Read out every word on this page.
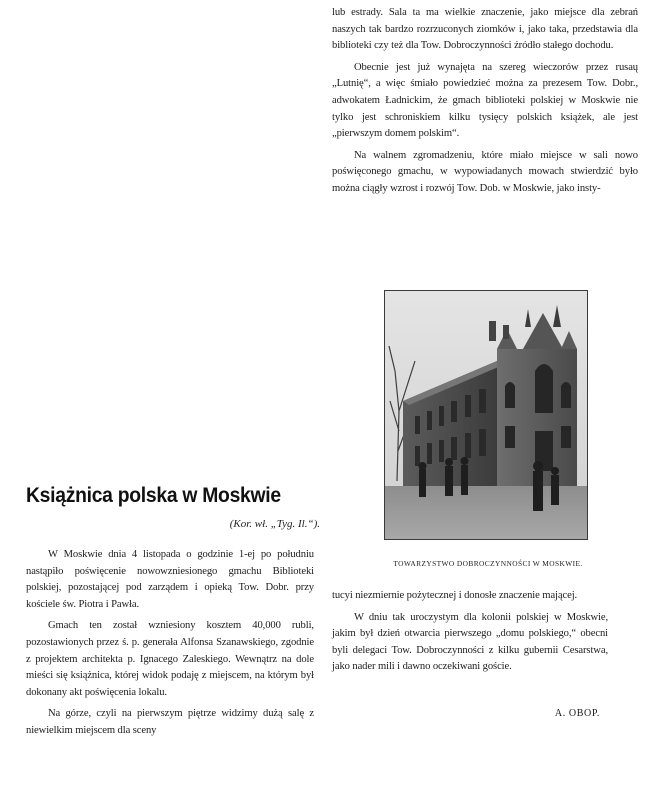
lub estrady. Sala ta ma wielkie znaczenie, jako miejsce dla zebrań naszych tak bardzo rozrzuconych ziomków i, jako taka, przedstawia dla biblioteki czy też dla Tow. Dobroczynności źródło stałego dochodu.

Obecnie jest już wynajęta na szereg wieczorów przez rusaų „Lutnię“, a więc śmiało powiedzieć można za prezesem Tow. Dobr., adwokatem Ładnickim, że gmach biblioteki polskiej w Moskwie nie tylko jest schroniskiem kilku tysięcy polskich książek, ale jest „pierwszym domem polskim“.

Na walnem zgromadzeniu, które miało miejsce w sali nowo poświęconego gmachu, w wypowiadanych mowach stwierdzić było można ciągły wzrost i rozwój Tow. Dob. w Moskwie, jako insty-

Książnica polska w Moskwie
(Kor. wł. „Tyg. Il.“).
TOWARZYSTWO DOBROCZYNNOŚCI W MOSKWIE.

W Moskwie dnia 4 listopada o godzinie 1-ej po południu nastąpiło poświęcenie nowowzniesionego gmachu Biblioteki polskiej, pozostającej pod zarządem i opieką Tow. Dobr. przy kościele św. Piotra i Pawła.

Gmach ten został wzniesiony kosztem 40,000 rubli, pozostawionych przez ś. p. generała Alfonsa Szanawskiego, zgodnie z projektem architekta p. Ignacego Zaleskiego. Wewnątrz na dole mieści się książnica, której widok podaję z miejscem, na którym był dokonany akt poświęcenia lokalu.

Na górze, czyli na pierwszym piętrze widzimy dużą salę z niewielkim miejscem dla sceny

tucyi niezmiernie pożytecznej i donosłe znaczenie mającej.

W dniu tak uroczystym dla kolonii polskiej w Moskwie, jakim był dzień otwarcia pierwszego „domu polskiego,“ obecni byli delegaci Tow. Dobroczynności z kilku gubernii Cesarstwa, jako nader mili i dawno oczekiwani goście.

A. OBOP.
